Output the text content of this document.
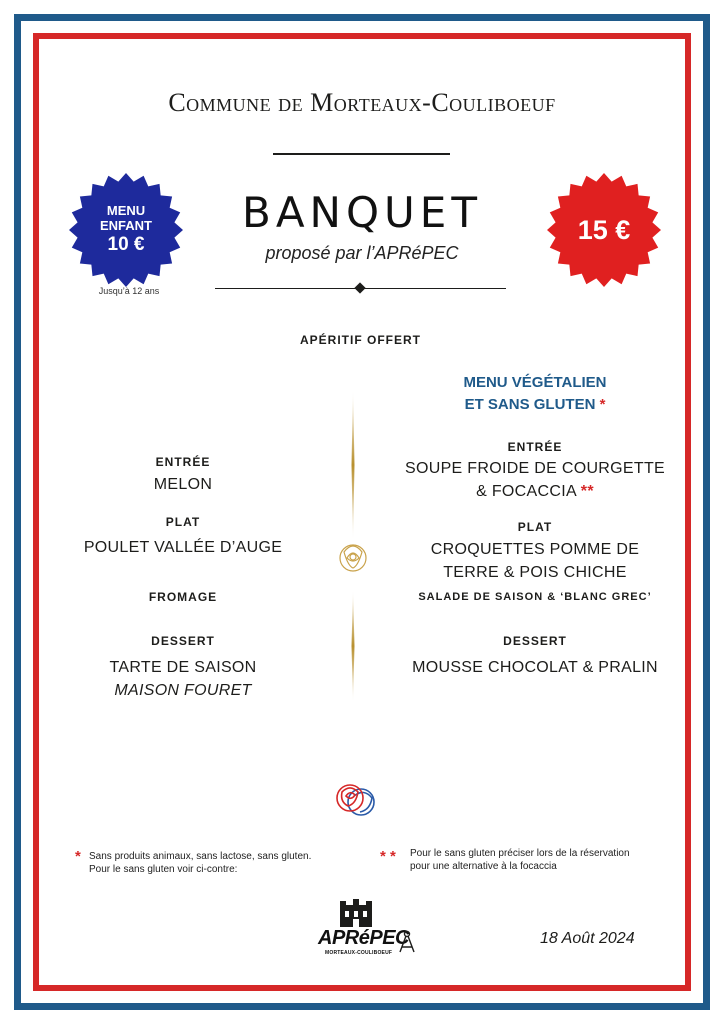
Commune de Morteaux-Couliboeuf
MENU
ENFANT
10 €
Jusqu’à 12 ans
15 €
BANQUET
proposé par l’APRéPEC
APÉRITIF OFFERT
ENTRÉE
MELON
PLAT
POULET VALLÉE D’AUGE
FROMAGE
DESSERT
TARTE DE SAISON
MAISON FOURET
MENU VÉGÉTALIEN
ET SANS GLUTEN *
ENTRÉE
SOUPE FROIDE DE COURGETTE
& FOCACCIA **
PLAT
CROQUETTES POMME DE
TERRE & POIS CHICHE
SALADE DE SAISON & ‘BLANC GREC’
DESSERT
MOUSSE CHOCOLAT & PRALIN
* Sans produits animaux, sans lactose, sans gluten.
Pour le sans gluten voir ci-contre:
* * Pour le sans gluten préciser lors de la réservation
pour une alternative à la focaccia
APRéPEC
MORTEAUX-COULIBOEUF
18 Août 2024
